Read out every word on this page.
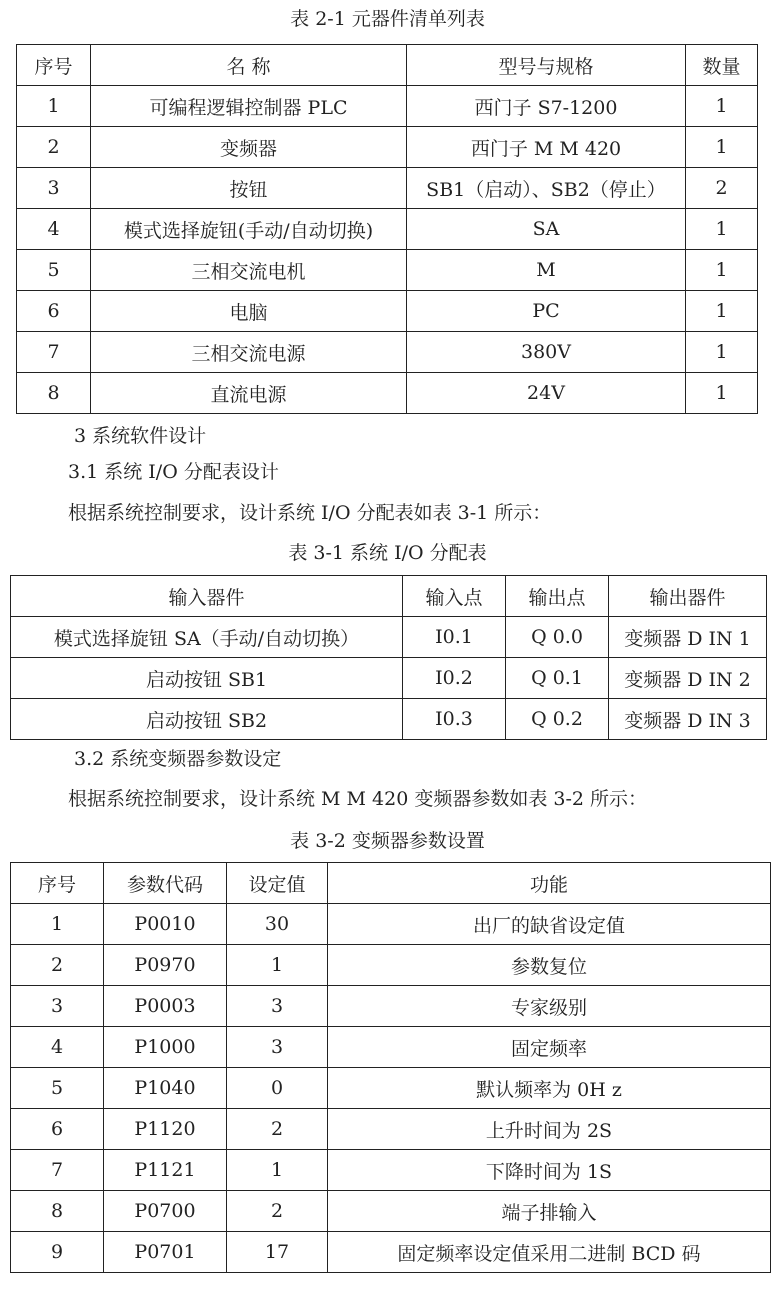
表 2-1 元器件清单列表
序号	名 称	型号与规格	数量
1	可编程逻辑控制器 PLC	西门子 S7-1200	1
2	变频器	西门子 M M 420	1
3	按钮	SB1（启动）、SB2（停止）	2
4	模式选择旋钮(手动/自动切换)	SA	1
5	三相交流电机	M	1
6	电脑	PC	1
7	三相交流电源	380V	1
8	直流电源	24V	1
3 系统软件设计
3.1 系统 I/O 分配表设计
根据系统控制要求，设计系统 I/O 分配表如表 3-1 所示：
表 3-1 系统 I/O 分配表
输入器件	输入点	输出点	输出器件
模式选择旋钮 SA（手动/自动切换）	I0.1	Q 0.0	变频器 D IN 1
启动按钮 SB1	I0.2	Q 0.1	变频器 D IN 2
启动按钮 SB2	I0.3	Q 0.2	变频器 D IN 3
3.2 系统变频器参数设定
根据系统控制要求，设计系统 M M 420 变频器参数如表 3-2 所示：
表 3-2 变频器参数设置
序号	参数代码	设定值	功能
1	P0010	30	出厂的缺省设定值
2	P0970	1	参数复位
3	P0003	3	专家级别
4	P1000	3	固定频率
5	P1040	0	默认频率为 0H z
6	P1120	2	上升时间为 2S
7	P1121	1	下降时间为 1S
8	P0700	2	端子排输入
9	P0701	17	固定频率设定值采用二进制 BCD 码
